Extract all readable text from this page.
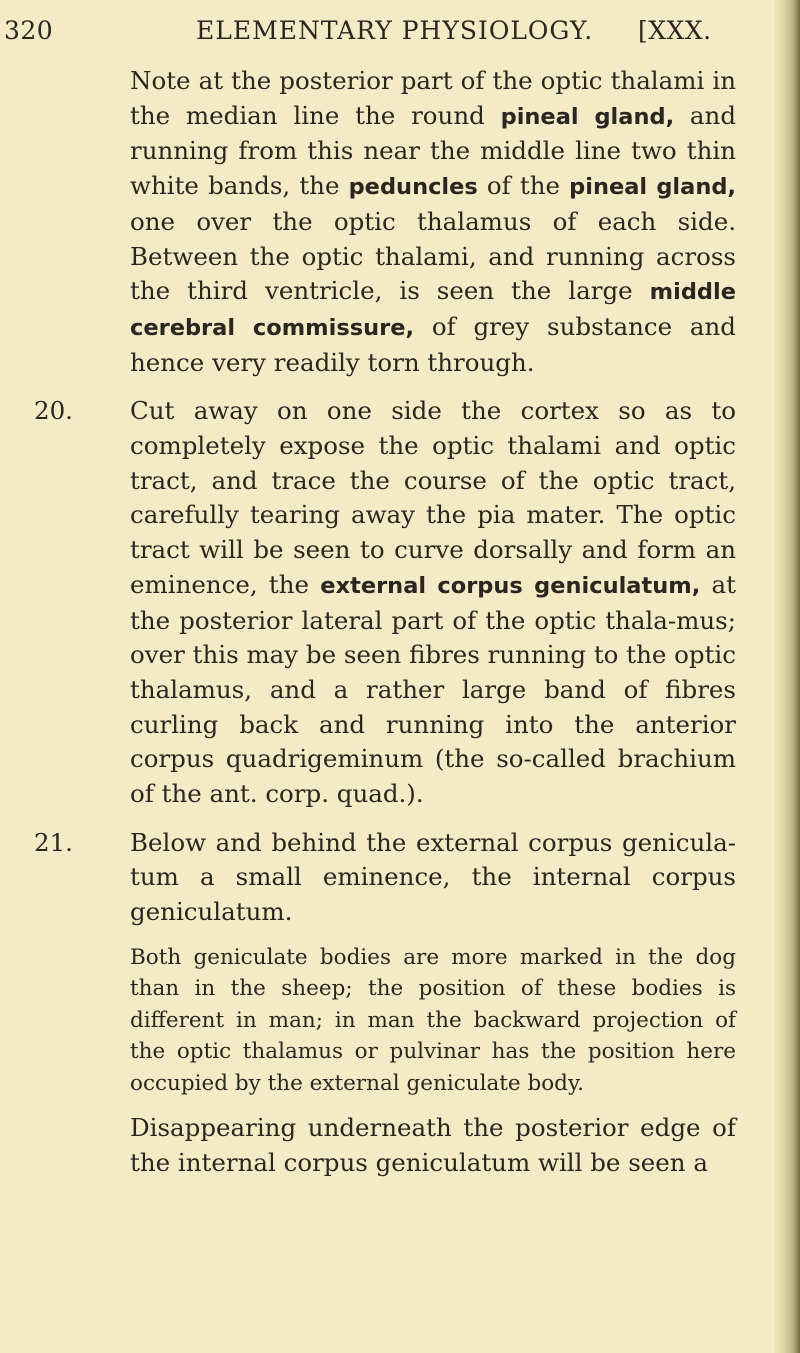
320	ELEMENTARY PHYSIOLOGY. [XXX.

Note at the posterior part of the optic thalami in the median line the round pineal gland, and running from this near the middle line two thin white bands, the peduncles of the pineal gland, one over the optic thalamus of each side. Between the optic thalami, and running across the third ventricle, is seen the large middle cerebral commissure, of grey substance and hence very readily torn through.

20. Cut away on one side the cortex so as to completely expose the optic thalami and optic tract, and trace the course of the optic tract, carefully tearing away the pia mater. The optic tract will be seen to curve dorsally and form an eminence, the external corpus geniculatum, at the posterior lateral part of the optic thala-mus; over this may be seen fibres running to the optic thalamus, and a rather large band of fibres curling back and running into the anterior corpus quadrigeminum (the so-called brachium of the ant. corp. quad.).

21. Below and behind the external corpus genicula-tum a small eminence, the internal corpus geniculatum.

Both geniculate bodies are more marked in the dog than in the sheep; the position of these bodies is different in man; in man the backward projection of the optic thalamus or pulvinar has the position here occupied by the external geniculate body.

Disappearing underneath the posterior edge of the internal corpus geniculatum will be seen a
